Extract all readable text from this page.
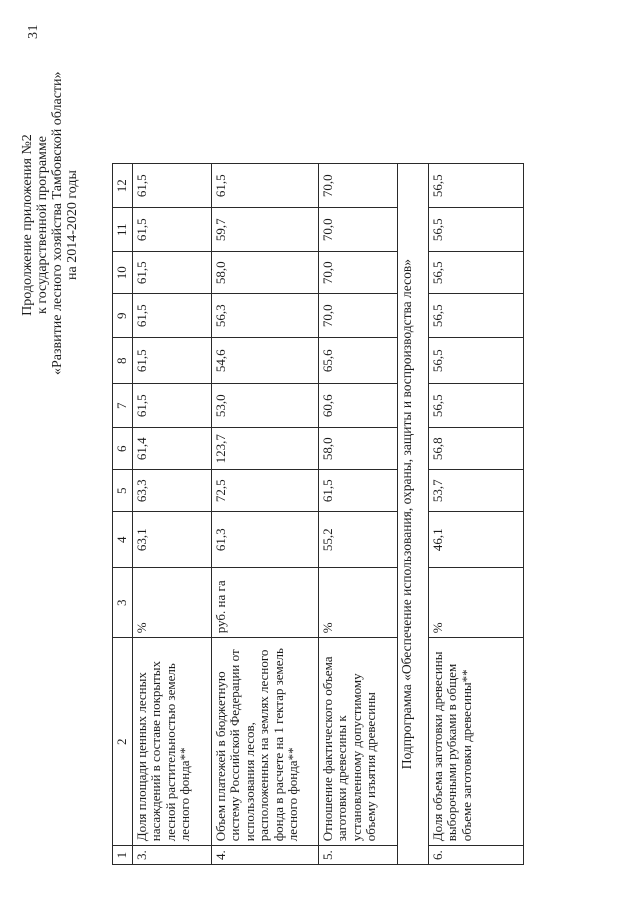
31
Продолжение приложения №2 к государственной программе «Развитие лесного хозяйства Тамбовской области» на 2014-2020 годы
1	2	3	4	5	6	7	8	9	10	11	12
3.	Доля площади ценных лесных насаждений в составе покрытых лесной растительностью земель лесного фонда**	%	63,1	63,3	61,4	61,5	61,5	61,5	61,5	61,5	61,5
4.	Объем платежей в бюджетную систему Российской Федерации от использования лесов, расположенных на землях лесного фонда в расчете на 1 гектар земель лесного фонда**	руб. на га	61,3	72,5	123,7	53,0	54,6	56,3	58,0	59,7	61,5
5.	Отношение фактического объема заготовки древесины к установленному допустимому объему изъятия древесины	%	55,2	61,5	58,0	60,6	65,6	70,0	70,0	70,0	70,0
Подпрограмма «Обеспечение использования, охраны, защиты и воспроизводства лесов»											
6.	Доля объема заготовки древесины выборочными рубками в общем объеме заготовки древесины**	%	46,1	53,7	56,8	56,5	56,5	56,5	56,5	56,5	56,5
